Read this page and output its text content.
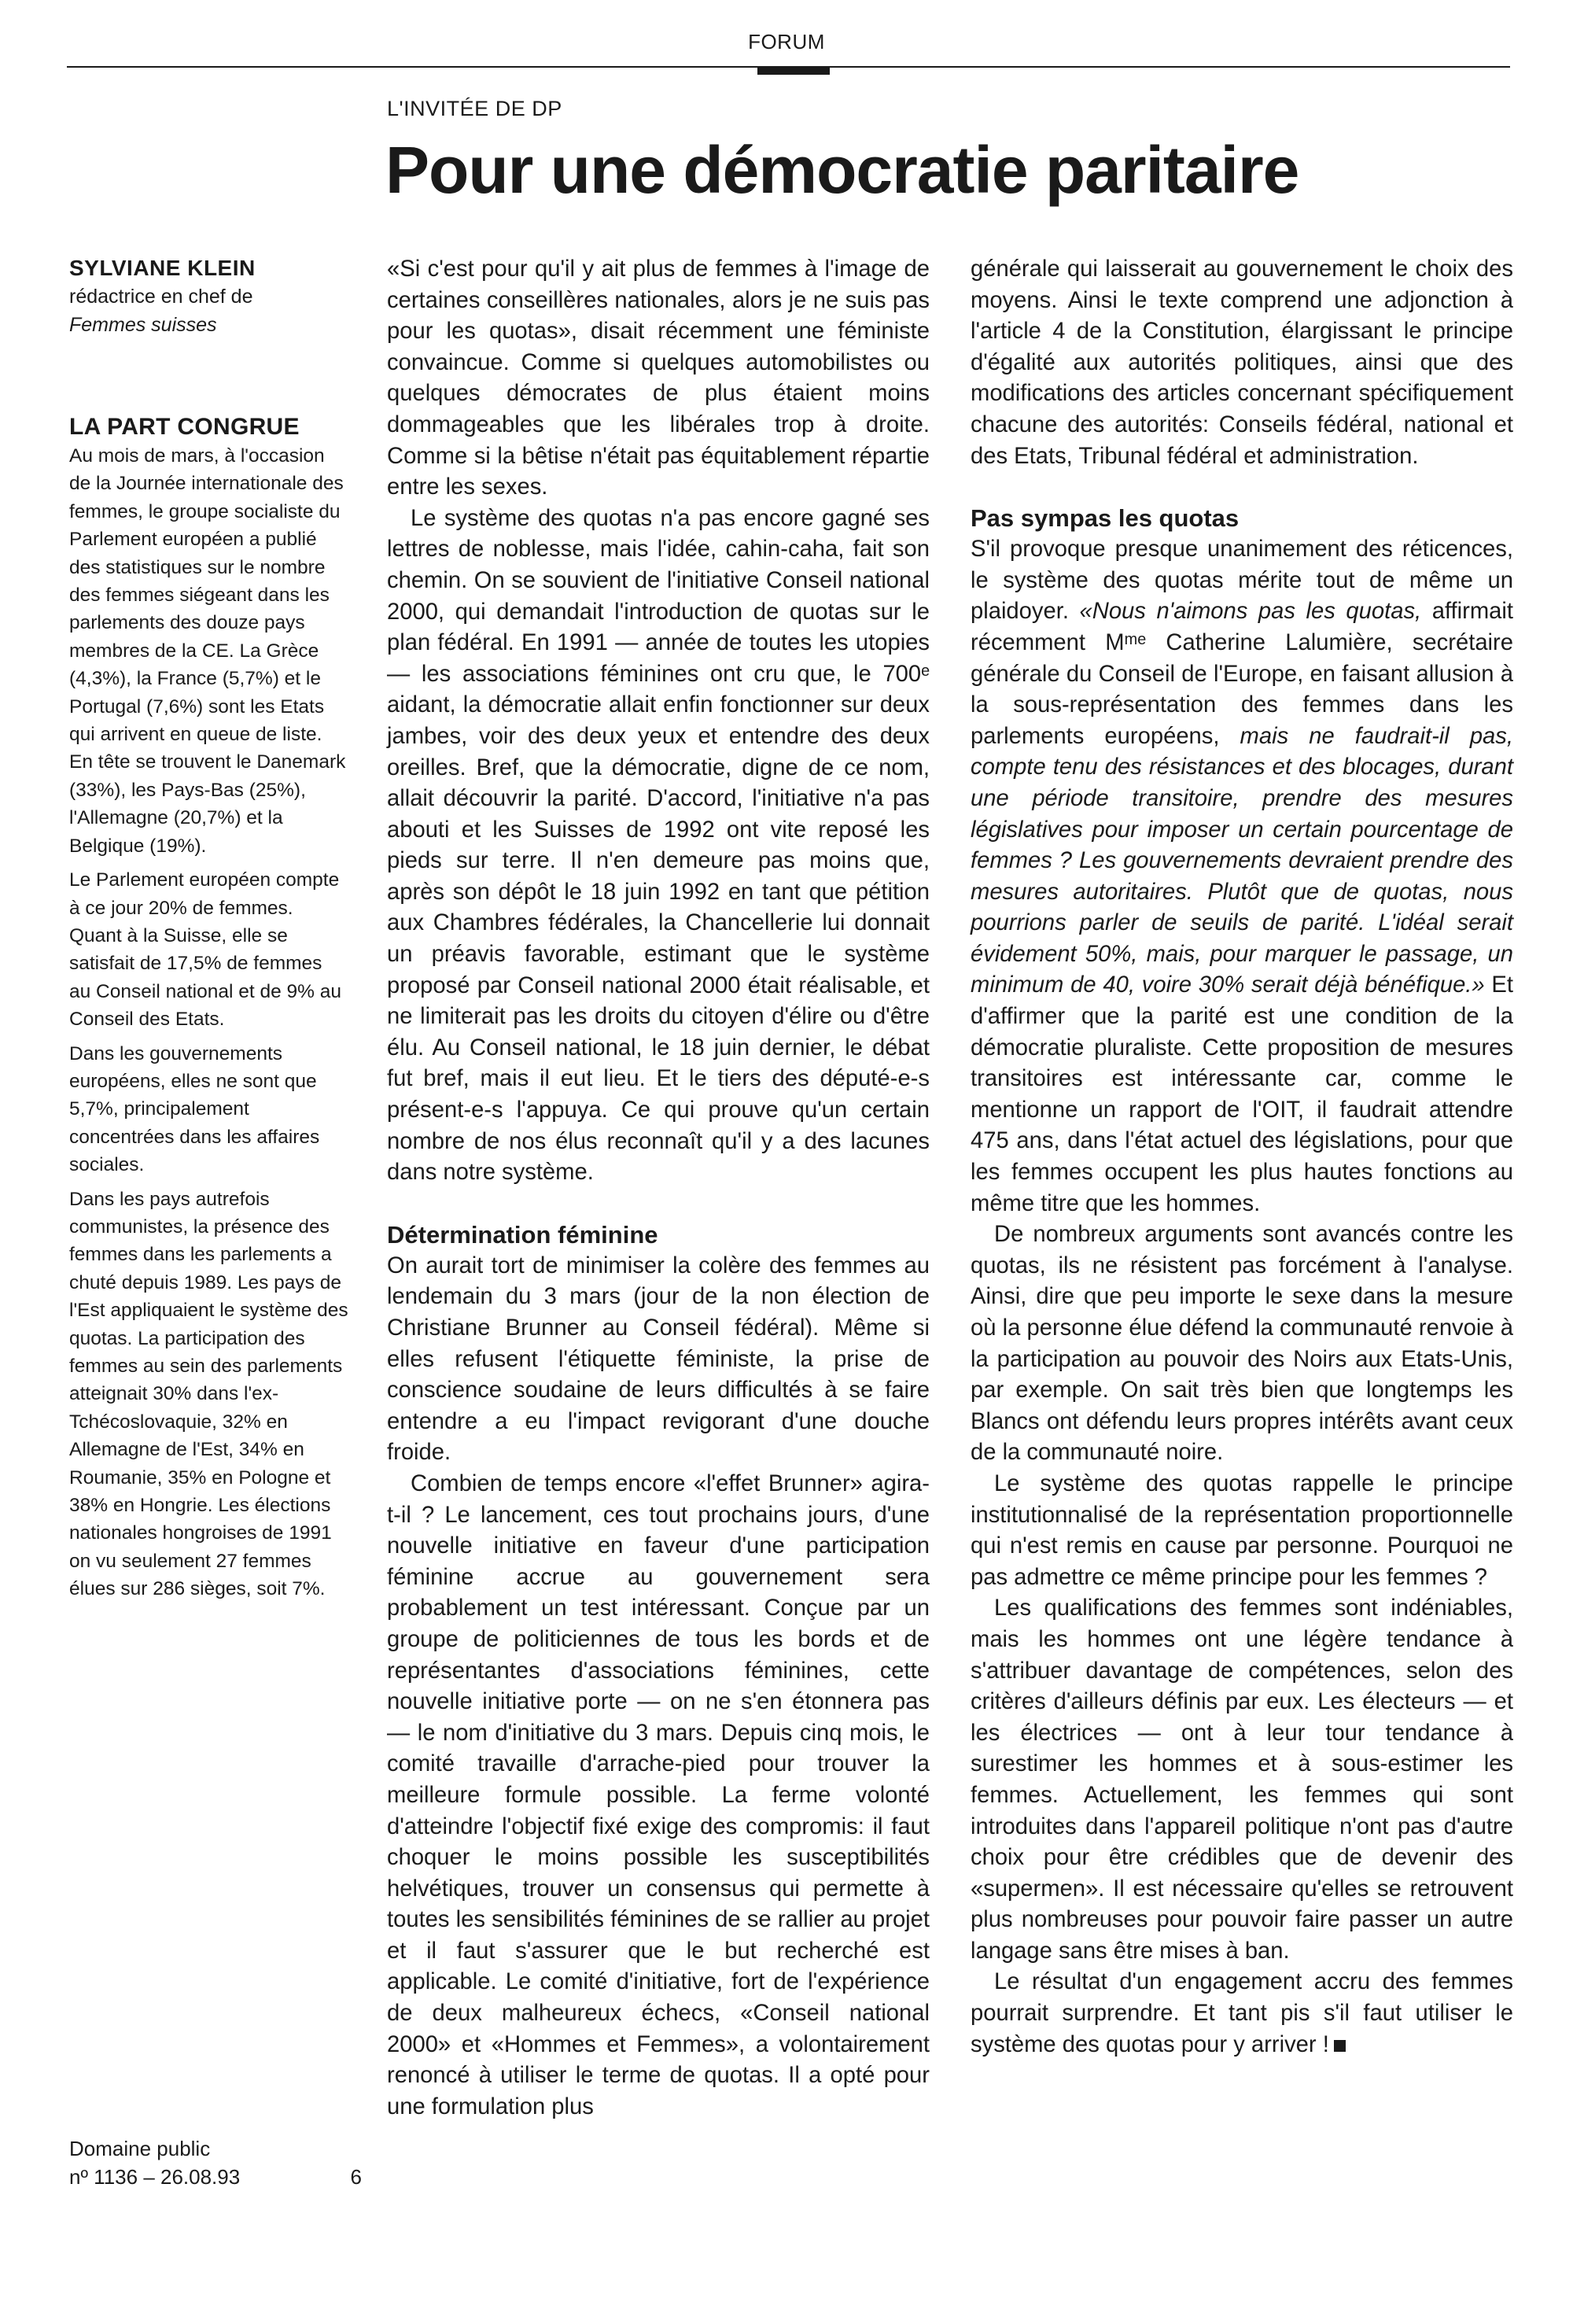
FORUM
L'INVITÉE DE DP
Pour une démocratie paritaire
SYLVIANE KLEIN
rédactrice en chef de
Femmes suisses
LA PART CONGRUE

Au mois de mars, à l'occasion de la Journée internationale des femmes, le groupe socialiste du Parlement européen a publié des statistiques sur le nombre des femmes siégeant dans les parlements des douze pays membres de la CE. La Grèce (4,3%), la France (5,7%) et le Portugal (7,6%) sont les Etats qui arrivent en queue de liste. En tête se trouvent le Danemark (33%), les Pays-Bas (25%), l'Allemagne (20,7%) et la Belgique (19%).

Le Parlement européen compte à ce jour 20% de femmes. Quant à la Suisse, elle se satisfait de 17,5% de femmes au Conseil national et de 9% au Conseil des Etats.

Dans les gouvernements européens, elles ne sont que 5,7%, principalement concentrées dans les affaires sociales.

Dans les pays autrefois communistes, la présence des femmes dans les parlements a chuté depuis 1989. Les pays de l'Est appliquaient le système des quotas. La participation des femmes au sein des parlements atteignait 30% dans l'ex-Tchécoslovaquie, 32% en Allemagne de l'Est, 34% en Roumanie, 35% en Pologne et 38% en Hongrie. Les élections nationales hongroises de 1991 on vu seulement 27 femmes élues sur 286 sièges, soit 7%.

Domaine public
nº 1136 – 26.08.93	6

«Si c'est pour qu'il y ait plus de femmes à l'image de certaines conseillères nationales, alors je ne suis pas pour les quotas», disait récemment une féministe convaincue. Comme si quelques automobilistes ou quelques démocrates de plus étaient moins dommageables que les libérales trop à droite. Comme si la bêtise n'était pas équitablement répartie entre les sexes.

Le système des quotas n'a pas encore gagné ses lettres de noblesse, mais l'idée, cahin-caha, fait son chemin. On se souvient de l'initiative Conseil national 2000, qui demandait l'introduction de quotas sur le plan fédéral. En 1991 — année de toutes les utopies — les associations féminines ont cru que, le 700ᵉ aidant, la démocratie allait enfin fonctionner sur deux jambes, voir des deux yeux et entendre des deux oreilles. Bref, que la démocratie, digne de ce nom, allait découvrir la parité. D'accord, l'initiative n'a pas abouti et les Suisses de 1992 ont vite reposé les pieds sur terre. Il n'en demeure pas moins que, après son dépôt le 18 juin 1992 en tant que pétition aux Chambres fédérales, la Chancellerie lui donnait un préavis favorable, estimant que le système proposé par Conseil national 2000 était réalisable, et ne limiterait pas les droits du citoyen d'élire ou d'être élu. Au Conseil national, le 18 juin dernier, le débat fut bref, mais il eut lieu. Et le tiers des député-e-s présent-e-s l'appuya. Ce qui prouve qu'un certain nombre de nos élus reconnaît qu'il y a des lacunes dans notre système.

Détermination féminine

On aurait tort de minimiser la colère des femmes au lendemain du 3 mars (jour de la non élection de Christiane Brunner au Conseil fédéral). Même si elles refusent l'étiquette féministe, la prise de conscience soudaine de leurs difficultés à se faire entendre a eu l'impact revigorant d'une douche froide.

Combien de temps encore «l'effet Brunner» agira-t-il ? Le lancement, ces tout prochains jours, d'une nouvelle initiative en faveur d'une participation féminine accrue au gouvernement sera probablement un test intéressant. Conçue par un groupe de politiciennes de tous les bords et de représentantes d'associations féminines, cette nouvelle initiative porte — on ne s'en étonnera pas — le nom d'initiative du 3 mars. Depuis cinq mois, le comité travaille d'arrache-pied pour trouver la meilleure formule possible. La ferme volonté d'atteindre l'objectif fixé exige des compromis: il faut choquer le moins possible les susceptibilités helvétiques, trouver un consensus qui permette à toutes les sensibilités féminines de se rallier au projet et il faut s'assurer que le but recherché est applicable. Le comité d'initiative, fort de l'expérience de deux malheureux échecs, «Conseil national 2000» et «Hommes et Femmes», a volontairement renoncé à utiliser le terme de quotas. Il a opté pour une formulation plus

générale qui laisserait au gouvernement le choix des moyens. Ainsi le texte comprend une adjonction à l'article 4 de la Constitution, élargissant le principe d'égalité aux autorités politiques, ainsi que des modifications des articles concernant spécifiquement chacune des autorités: Conseils fédéral, national et des Etats, Tribunal fédéral et administration.

Pas sympas les quotas

S'il provoque presque unanimement des réticences, le système des quotas mérite tout de même un plaidoyer. «Nous n'aimons pas les quotas, affirmait récemment Mᵐᵉ Catherine Lalumière, secrétaire générale du Conseil de l'Europe, en faisant allusion à la sous-représentation des femmes dans les parlements européens, mais ne faudrait-il pas, compte tenu des résistances et des blocages, durant une période transitoire, prendre des mesures législatives pour imposer un certain pourcentage de femmes ? Les gouvernements devraient prendre des mesures autoritaires. Plutôt que de quotas, nous pourrions parler de seuils de parité. L'idéal serait évidement 50%, mais, pour marquer le passage, un minimum de 40, voire 30% serait déjà bénéfique.» Et d'affirmer que la parité est une condition de la démocratie pluraliste. Cette proposition de mesures transitoires est intéressante car, comme le mentionne un rapport de l'OIT, il faudrait attendre 475 ans, dans l'état actuel des législations, pour que les femmes occupent les plus hautes fonctions au même titre que les hommes.

De nombreux arguments sont avancés contre les quotas, ils ne résistent pas forcément à l'analyse. Ainsi, dire que peu importe le sexe dans la mesure où la personne élue défend la communauté renvoie à la participation au pouvoir des Noirs aux Etats-Unis, par exemple. On sait très bien que longtemps les Blancs ont défendu leurs propres intérêts avant ceux de la communauté noire.

Le système des quotas rappelle le principe institutionnalisé de la représentation proportionnelle qui n'est remis en cause par personne. Pourquoi ne pas admettre ce même principe pour les femmes ?

Les qualifications des femmes sont indéniables, mais les hommes ont une légère tendance à s'attribuer davantage de compétences, selon des critères d'ailleurs définis par eux. Les électeurs — et les électrices — ont à leur tour tendance à surestimer les hommes et à sous-estimer les femmes. Actuellement, les femmes qui sont introduites dans l'appareil politique n'ont pas d'autre choix pour être crédibles que de devenir des «supermen». Il est nécessaire qu'elles se retrouvent plus nombreuses pour pouvoir faire passer un autre langage sans être mises à ban.

Le résultat d'un engagement accru des femmes pourrait surprendre. Et tant pis s'il faut utiliser le système des quotas pour y arriver !
